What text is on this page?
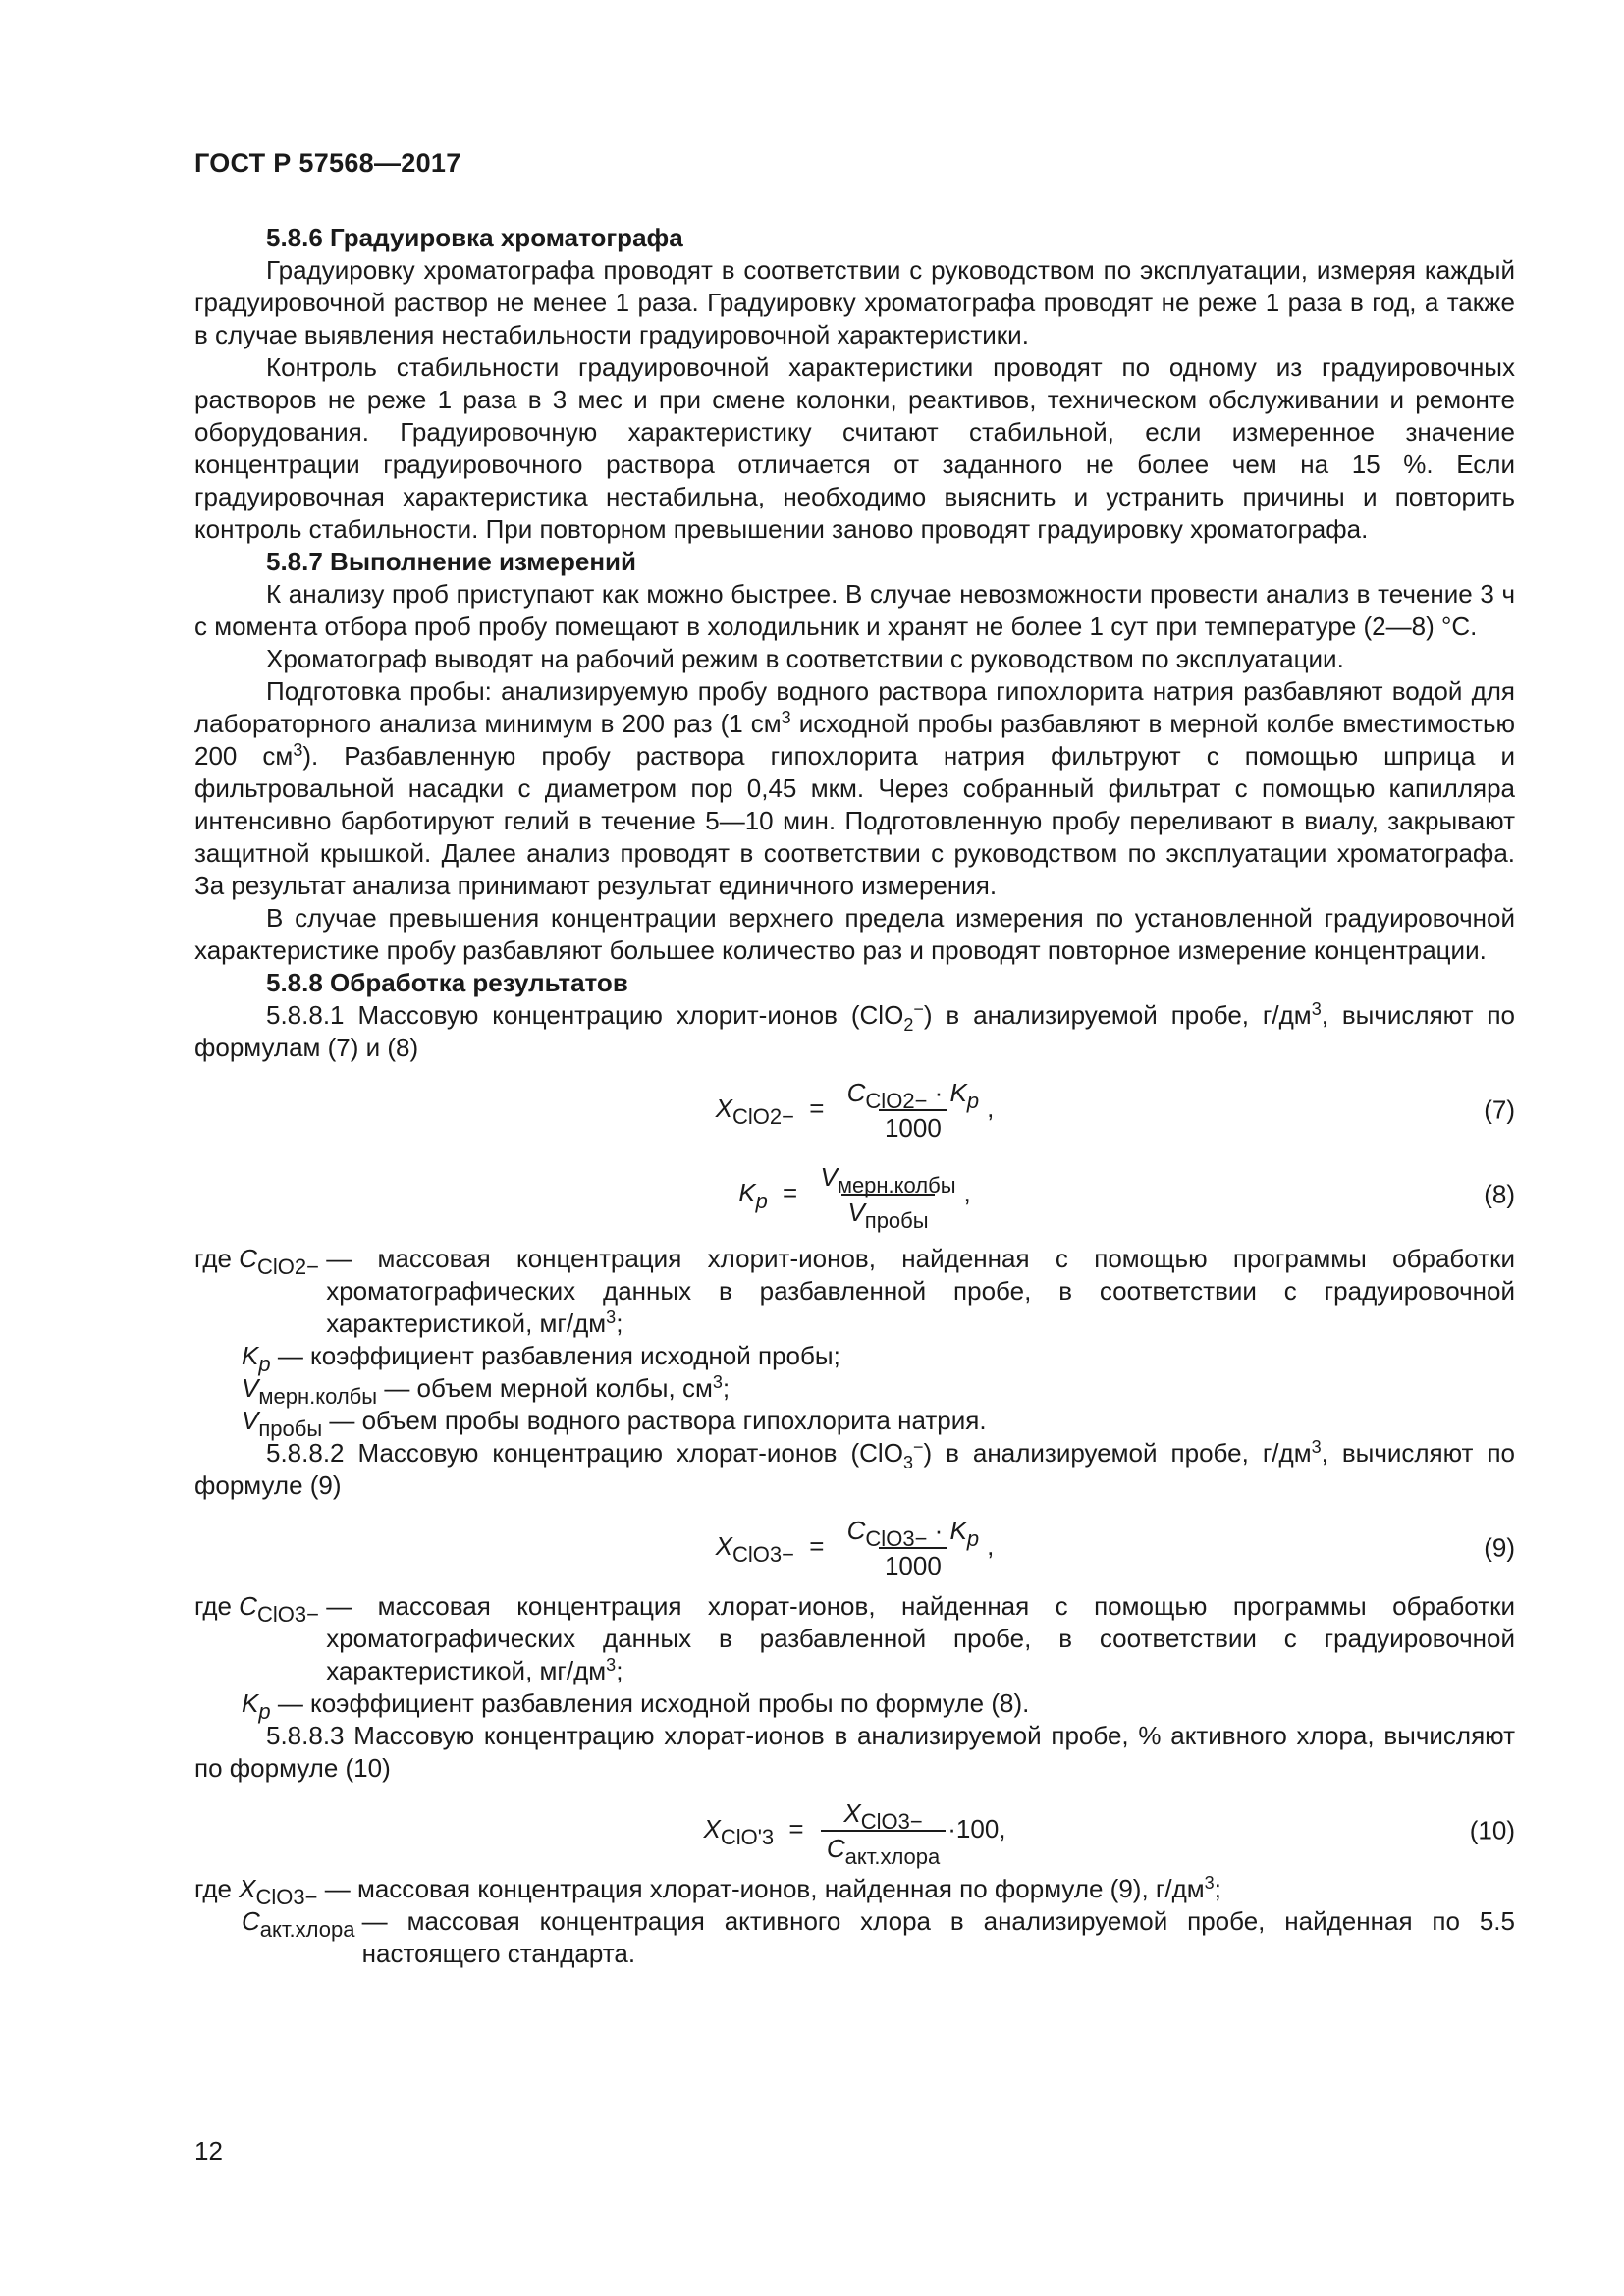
ГОСТ Р 57568—2017

5.8.6 Градуировка хроматографа

Градуировку хроматографа проводят в соответствии с руководством по эксплуатации, измеряя каждый градуировочной раствор не менее 1 раза. Градуировку хроматографа проводят не реже 1 раза в год, а также в случае выявления нестабильности градуировочной характеристики.

Контроль стабильности градуировочной характеристики проводят по одному из градуировочных растворов не реже 1 раза в 3 мес и при смене колонки, реактивов, техническом обслуживании и ремонте оборудования. Градуировочную характеристику считают стабильной, если измеренное значение концентрации градуировочного раствора отличается от заданного не более чем на 15 %. Если градуировочная характеристика нестабильна, необходимо выяснить и устранить причины и повторить контроль стабильности. При повторном превышении заново проводят градуировку хроматографа.

5.8.7 Выполнение измерений

К анализу проб приступают как можно быстрее. В случае невозможности провести анализ в течение 3 ч с момента отбора проб пробу помещают в холодильник и хранят не более 1 сут при температуре (2—8) °С.

Хроматограф выводят на рабочий режим в соответствии с руководством по эксплуатации.

Подготовка пробы: анализируемую пробу водного раствора гипохлорита натрия разбавляют водой для лабораторного анализа минимум в 200 раз (1 $см^3$ исходной пробы разбавляют в мерной колбе вместимостью 200 $см^3$). Разбавленную пробу раствора гипохлорита натрия фильтруют с помощью шприца и фильтровальной насадки с диаметром пор 0,45 мкм. Через собранный фильтрат с помощью капилляра интенсивно барботируют гелий в течение 5—10 мин. Подготовленную пробу переливают в виалу, закрывают защитной крышкой. Далее анализ проводят в соответствии с руководством по эксплуатации хроматографа. За результат анализа принимают результат единичного измерения.

В случае превышения концентрации верхнего предела измерения по установленной градуировочной характеристике пробу разбавляют большее количество раз и проводят повторное измерение концентрации.

5.8.8 Обработка результатов

5.8.8.1 Массовую концентрацию хлорит-ионов (ClO$_2$−) в анализируемой пробе, $г/дм^3$, вычисляют по формулам (7) и (8)

$X_{ClO2-} = \frac{C_{ClO2-} \cdot K_p}{1000}$ ,	(7)
$K_p = \frac{V_{мерн.колбы}}{V_{пробы}}$ ,	(8)
где $C_{ClO2-}$ — массовая концентрация хлорит-ионов, найденная с помощью программы обработки хроматографических данных в разбавленной пробе, в соответствии с градуировочной характеристикой, $мг/дм^3$;
$K_p$ — коэффициент разбавления исходной пробы;
$V_{мерн.колбы}$ — объем мерной колбы, $см^3$;
$V_{пробы}$ — объем пробы водного раствора гипохлорита натрия.

5.8.8.2 Массовую концентрацию хлорат-ионов (ClO$_3$−) в анализируемой пробе, $г/дм^3$, вычисляют по формуле (9)

$X_{ClO3-} = \frac{C_{ClO3-} \cdot K_p}{1000}$ ,	(9)
где $C_{ClO3-}$ — массовая концентрация хлорат-ионов, найденная с помощью программы обработки хроматографических данных в разбавленной пробе, в соответствии с градуировочной характеристикой, $мг/дм^3$;
$K_p$ — коэффициент разбавления исходной пробы по формуле (8).

5.8.8.3 Массовую концентрацию хлорат-ионов в анализируемой пробе, % активного хлора, вычисляют по формуле (10)

$X_{ClO'3} = \frac{X_{ClO3-}}{C_{акт.хлора}} \cdot 100$,	(10)
где $X_{ClO3-}$ — массовая концентрация хлорат-ионов, найденная по формуле (9), $г/дм^3$;
$C_{акт.хлора}$ — массовая концентрация активного хлора в анализируемой пробе, найденная по 5.5 настоящего стандарта.
12
